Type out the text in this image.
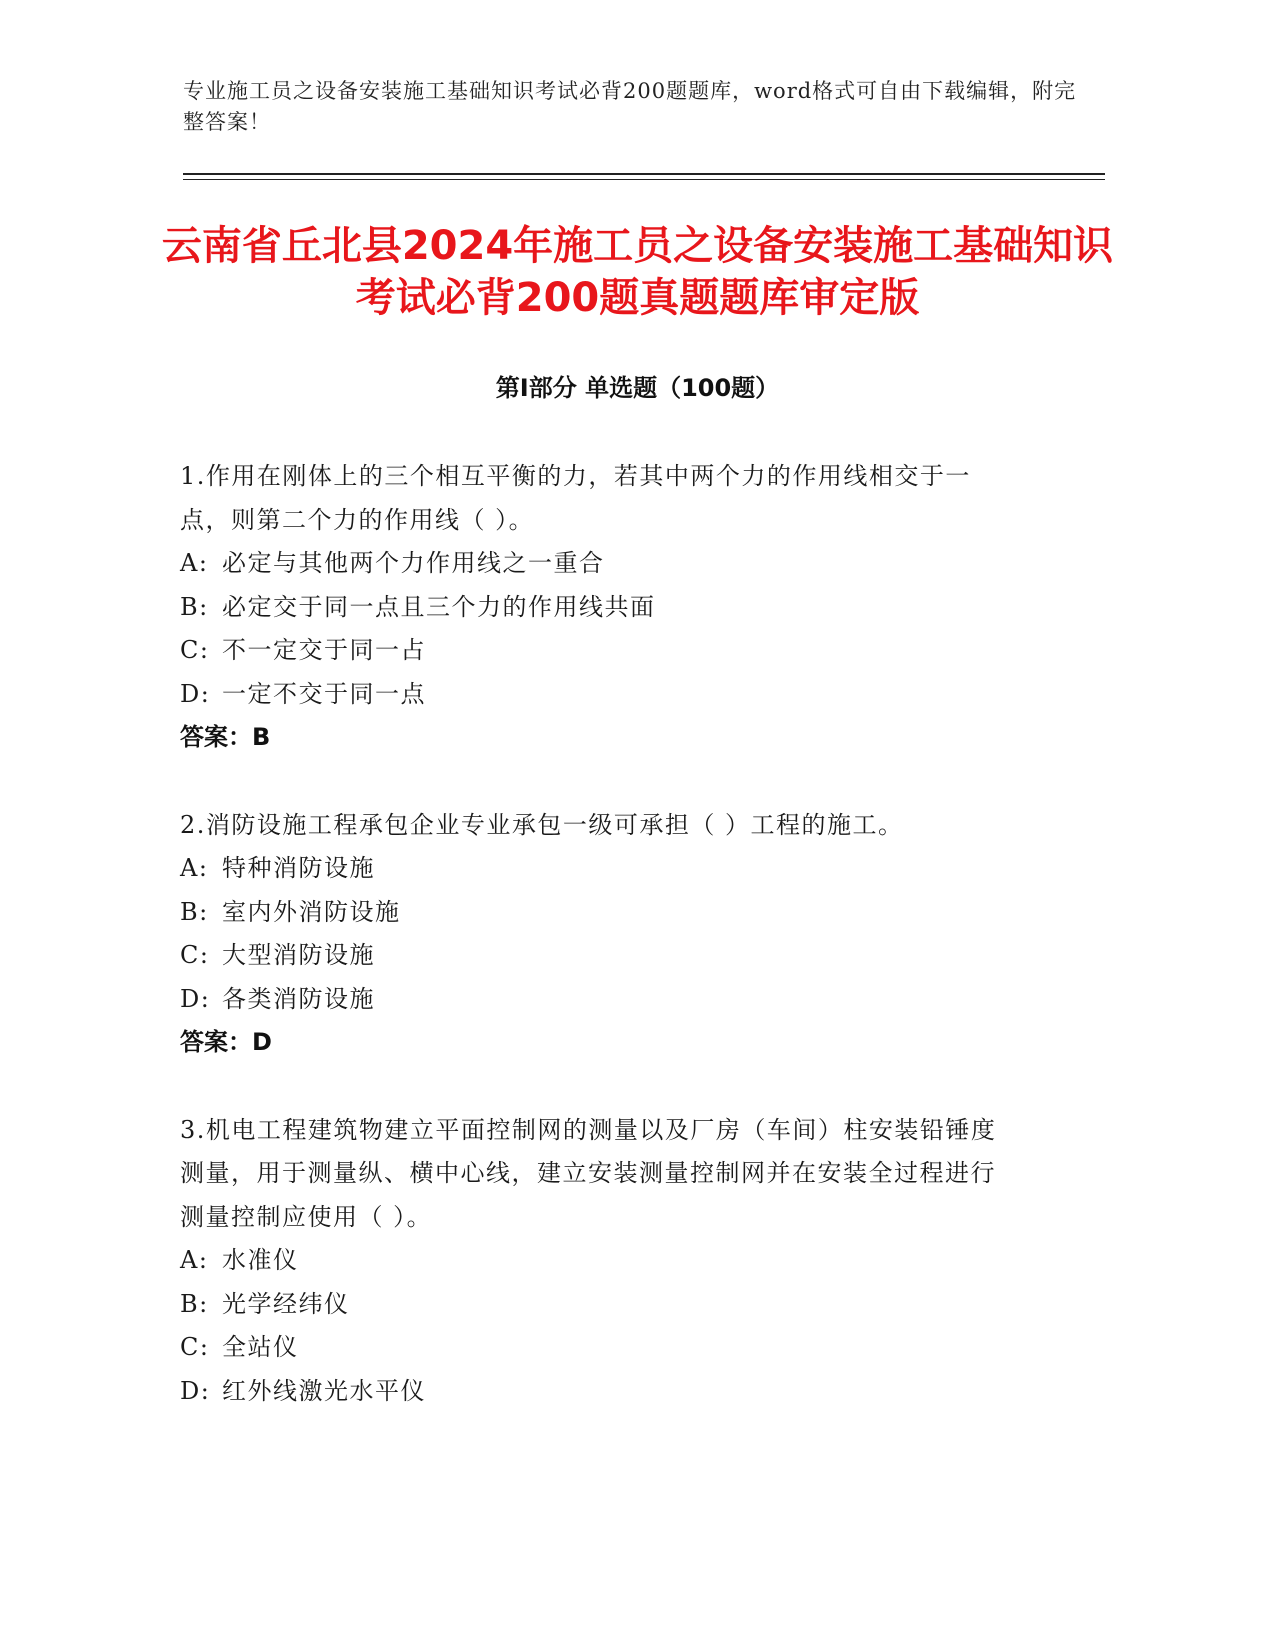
专业施工员之设备安装施工基础知识考试必背200题题库，word格式可自由下载编辑，附完整答案！
云南省丘北县2024年施工员之设备安装施工基础知识考试必背200题真题题库审定版
第Ⅰ部分 单选题（100题）

1.作用在刚体上的三个相互平衡的力，若其中两个力的作用线相交于一点，则第二个力的作用线（ ）。

A: 必定与其他两个力作用线之一重合

B: 必定交于同一点且三个力的作用线共面

C: 不一定交于同一占

D: 一定不交于同一点

答案：B

2.消防设施工程承包企业专业承包一级可承担（ ）工程的施工。

A: 特种消防设施

B: 室内外消防设施

C: 大型消防设施

D: 各类消防设施

答案：D

3.机电工程建筑物建立平面控制网的测量以及厂房（车间）柱安装铅锤度测量，用于测量纵、横中心线，建立安装测量控制网并在安装全过程进行测量控制应使用（ ）。

A: 水准仪

B: 光学经纬仪

C: 全站仪

D: 红外线激光水平仪
